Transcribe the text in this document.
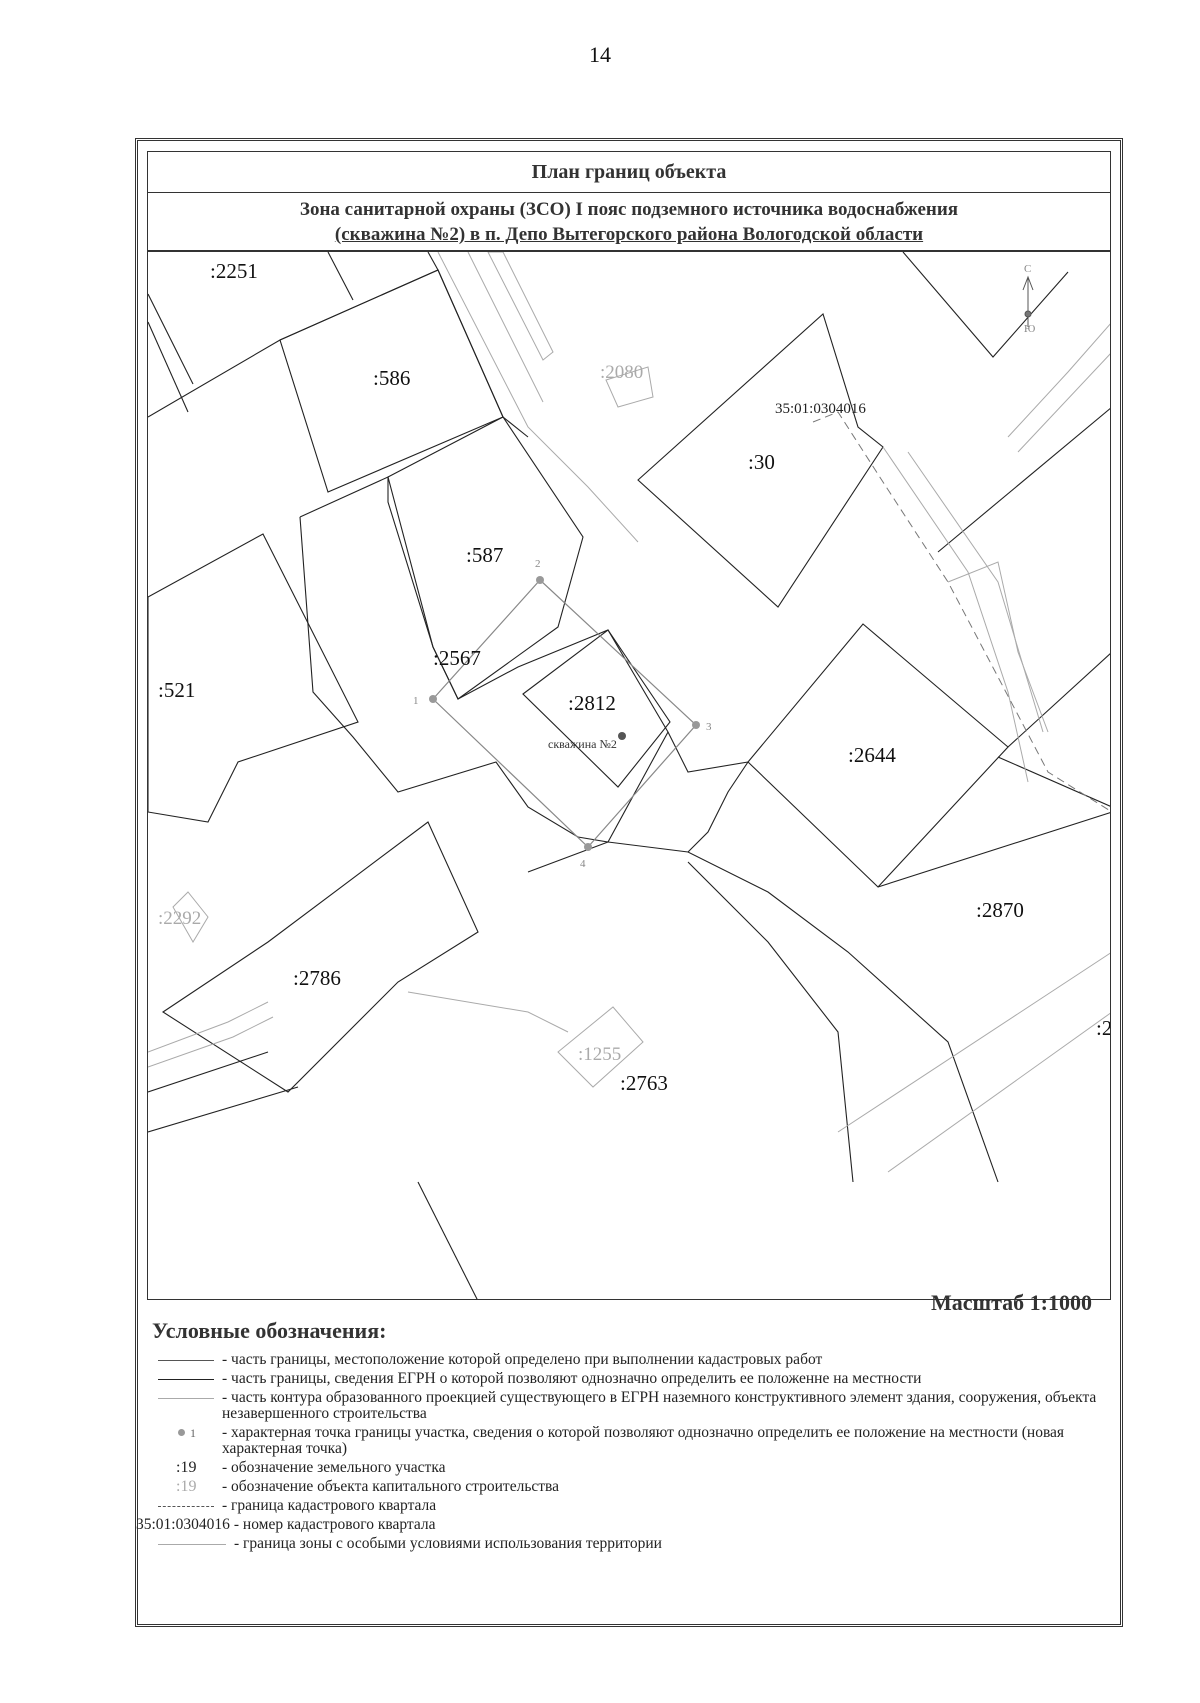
14
План границ объекта
Зона санитарной охраны (ЗСО) I пояс подземного источника водоснабжения
(скважина №2) в п. Депо Вытегорского района Вологодской области
:2251
:586
:587
:2567
:521
:2812
:30
:2644
:2870
:2786
:2763
:2
:2080
:2292
:1255
35:01:0304016
скважина №2
1
2
3
4
С
Ю
Масштаб 1:1000
Условные обозначения:
- часть границы, местоположение которой определено при выполнении кадастровых работ
- часть границы, сведения ЕГРН о которой позволяют однозначно определить ее положенне на местности
- часть контура образованного проекцией существующего в ЕГРН наземного конструктивного элемент здания, сооружения, объекта незавершенного строительства
1 - характерная точка границы участка, сведения о которой позволяют однозначно определить ее положение на местности (новая характерная точка)
:19 - обозначение земельного участка
:19 - обозначение объекта капитального строительства
- граница кадастрового квартала
35:01:0304016 - номер кадастрового квартала
- граница зоны с особыми условиями использования территории
